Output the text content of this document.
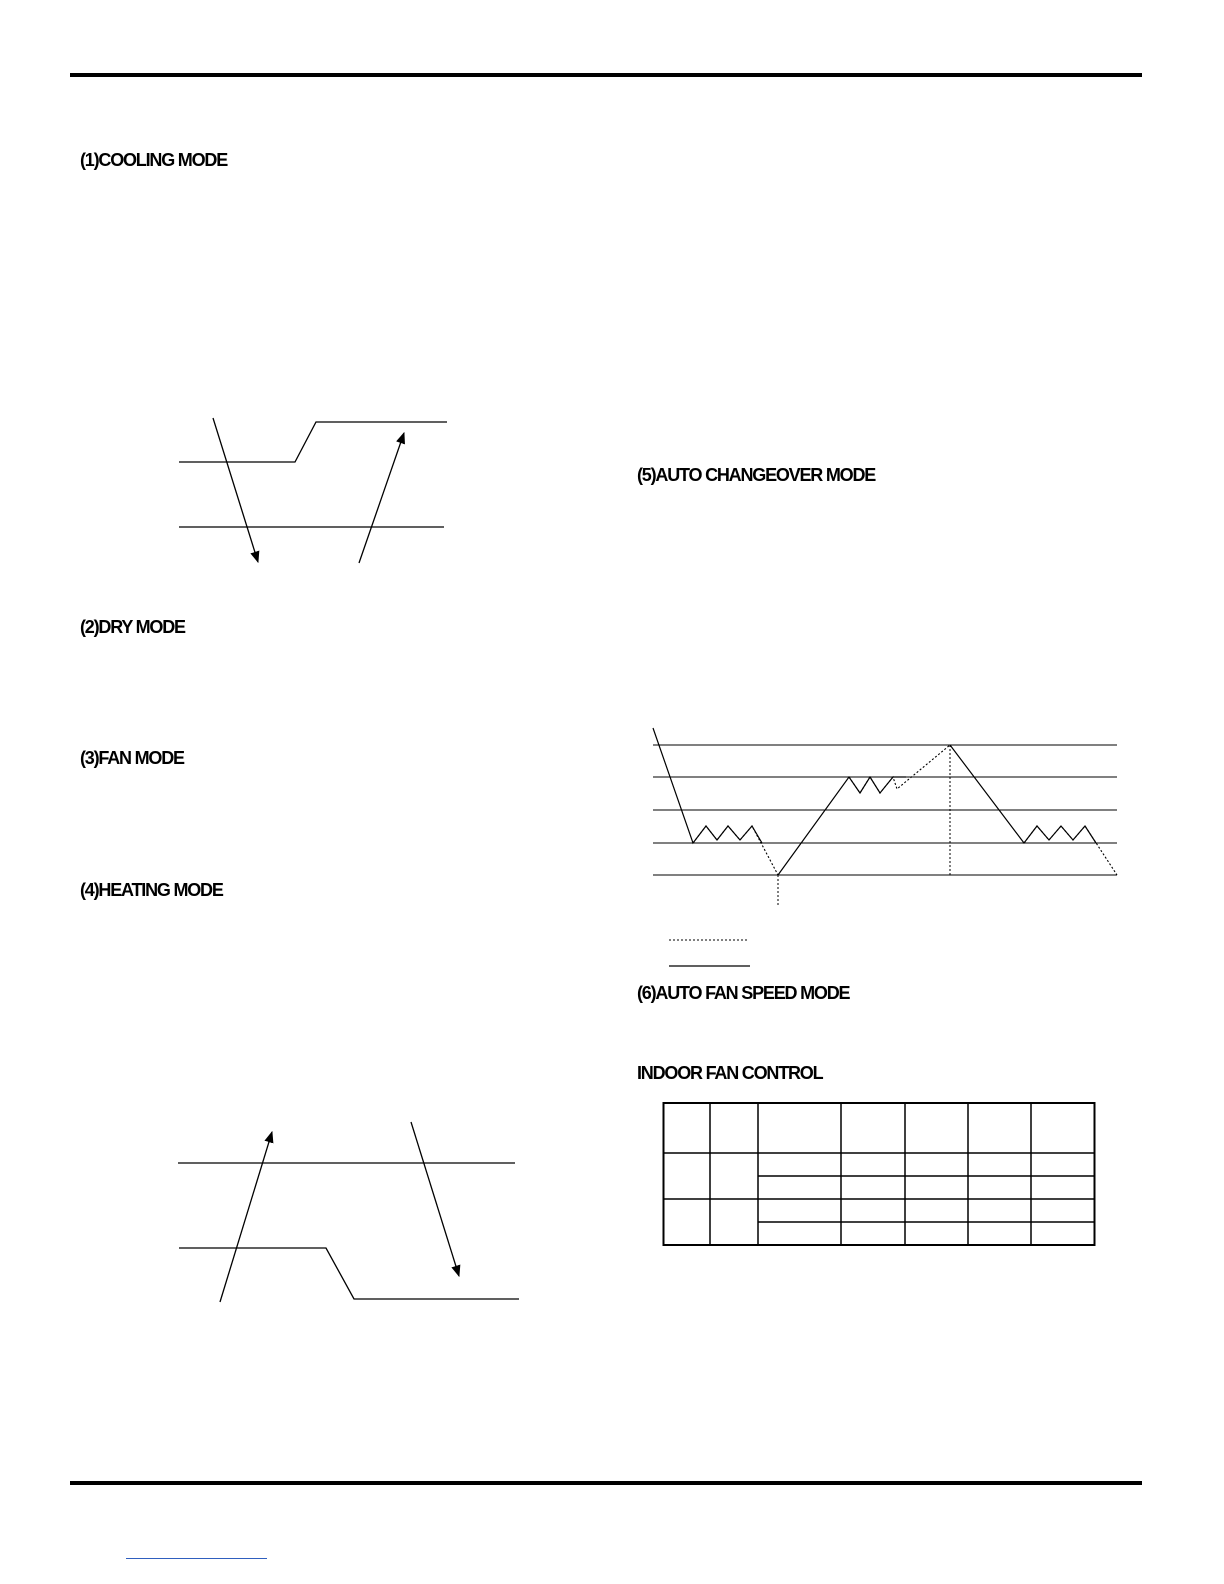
(1)COOLING MODE
(2)DRY MODE
(3)FAN MODE
(4)HEATING MODE
(5)AUTO CHANGEOVER MODE
(6)AUTO FAN SPEED MODE
INDOOR FAN CONTROL
